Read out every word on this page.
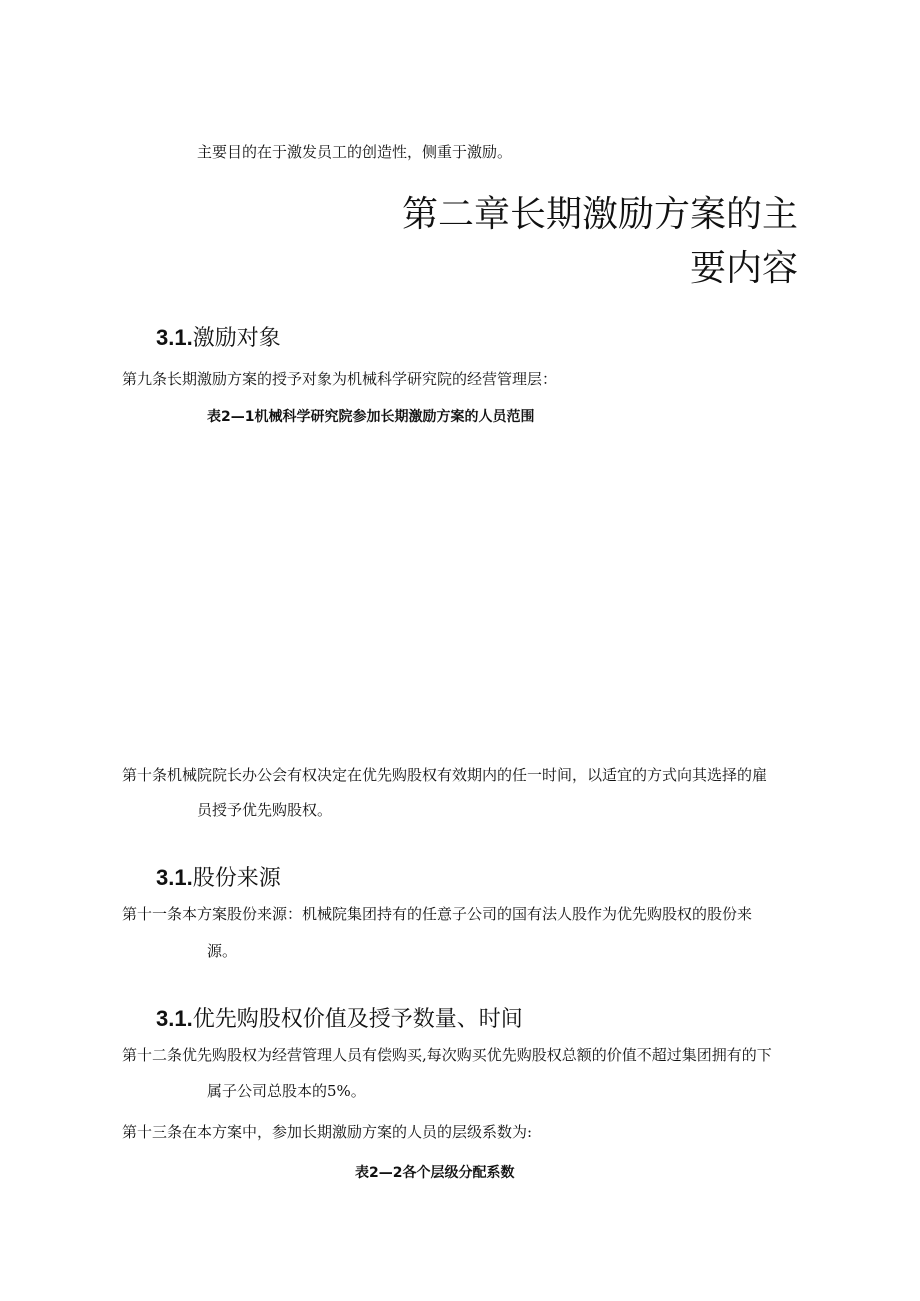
主要目的在于激发员工的创造性，侧重于激励。
第二章长期激励方案的主
要内容
3.1.激励对象
第九条长期激励方案的授予对象为机械科学研究院的经营管理层：
表2—1机械科学研究院参加长期激励方案的人员范围
第十条机械院院长办公会有权决定在优先购股权有效期内的任一时间，以适宜的方式向其选择的雇
员授予优先购股权。
3.1.股份来源
第十一条本方案股份来源：机械院集团持有的任意子公司的国有法人股作为优先购股权的股份来
源。
3.1.优先购股权价值及授予数量、时间
第十二条优先购股权为经营管理人员有偿购买,每次购买优先购股权总额的价值不超过集团拥有的下
属子公司总股本的5%。
第十三条在本方案中，参加长期激励方案的人员的层级系数为:
表2—2各个层级分配系数
